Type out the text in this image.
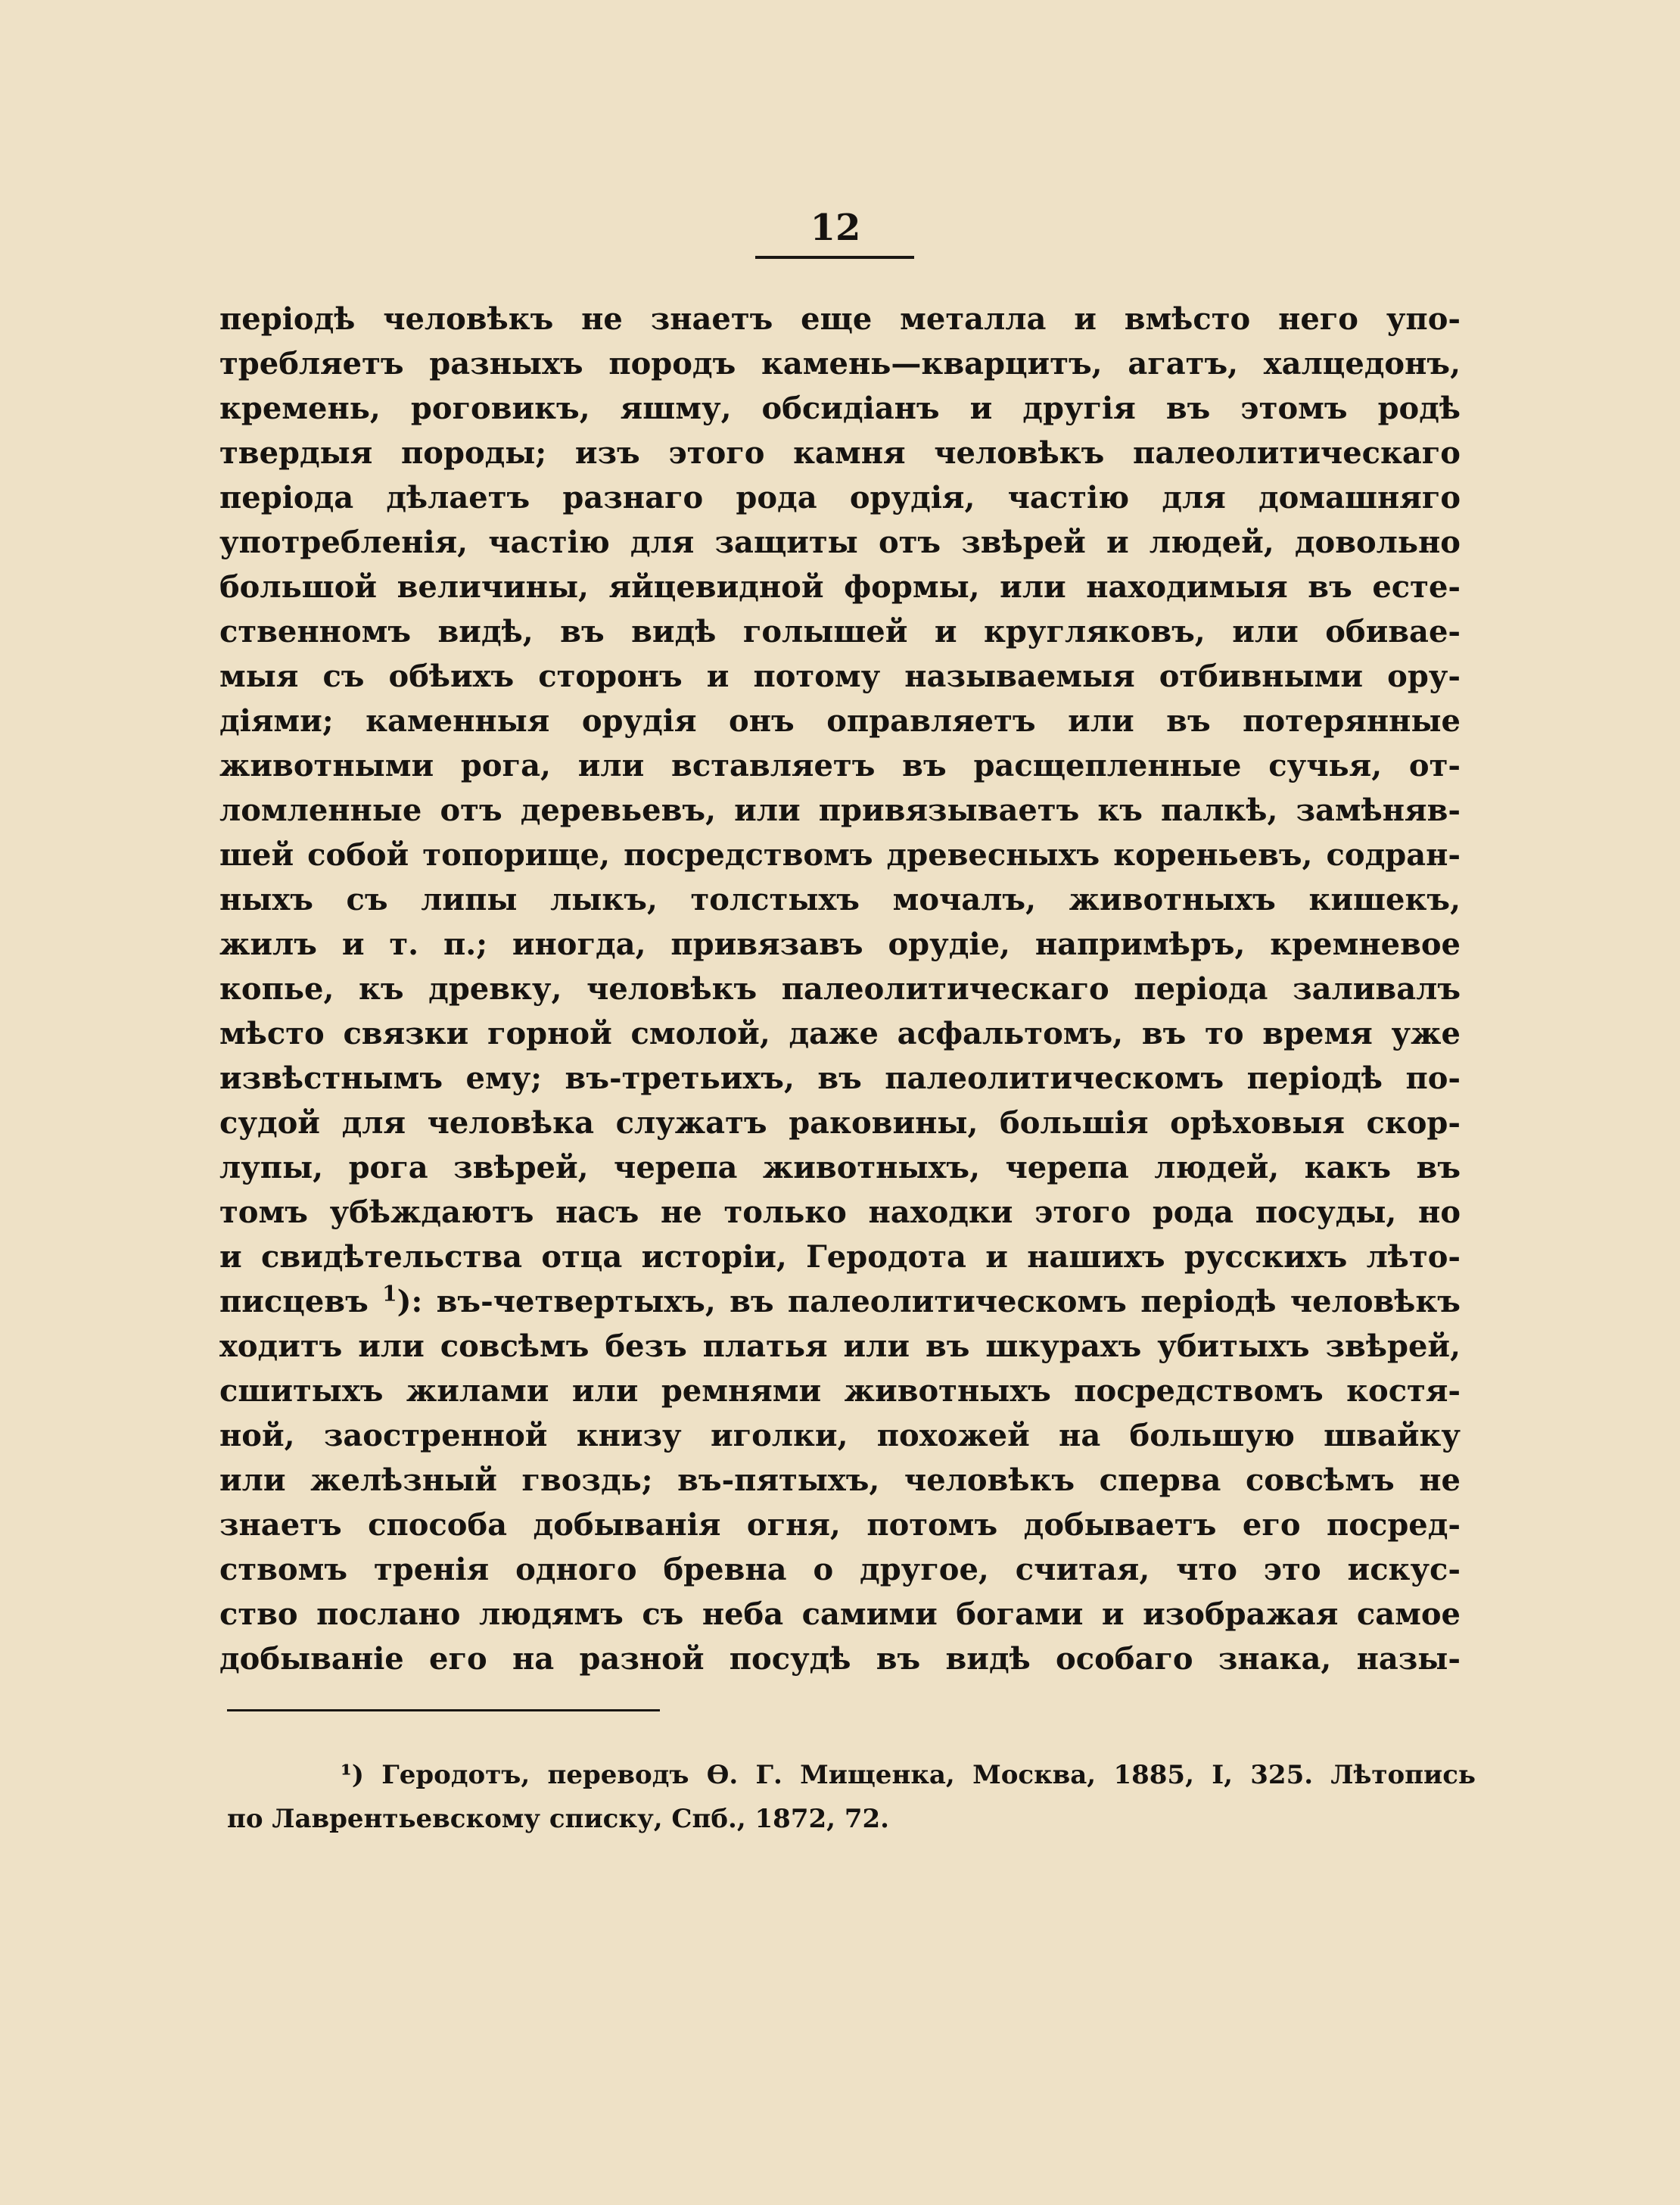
12
періодѣ человѣкъ не знаетъ еще металла и вмѣсто него упо-
требляетъ разныхъ породъ камень—кварцитъ, агатъ, халцедонъ,
кремень, роговикъ, яшму, обсидіанъ и другія въ этомъ родѣ
твердыя породы; изъ этого камня человѣкъ палеолитическаго
періода дѣлаетъ разнаго рода орудія, частію для домашняго
употребленія, частію для защиты отъ звѣрей и людей, довольно
большой величины, яйцевидной формы, или находимыя въ есте-
ственномъ видѣ, въ видѣ голышей и кругляковъ, или обивае-
мыя съ обѣихъ сторонъ и потому называемыя отбивными ору-
діями; каменныя орудія онъ оправляетъ или въ потерянные
животными рога, или вставляетъ въ расщепленные сучья, от-
ломленные отъ деревьевъ, или привязываетъ къ палкѣ, замѣняв-
шей собой топорище, посредствомъ древесныхъ кореньевъ, содран-
ныхъ съ липы лыкъ, толстыхъ мочалъ, животныхъ кишекъ,
жилъ и т. п.; иногда, привязавъ орудіе, напримѣръ, кремневое
копье, къ древку, человѣкъ палеолитическаго періода заливалъ
мѣсто связки горной смолой, даже асфальтомъ, въ то время уже
извѣстнымъ ему; въ-третьихъ, въ палеолитическомъ періодѣ по-
судой для человѣка служатъ раковины, большія орѣховыя скор-
лупы, рога звѣрей, черепа животныхъ, черепа людей, какъ въ
томъ убѣждаютъ насъ не только находки этого рода посуды, но
и свидѣтельства отца исторіи, Геродота и нашихъ русскихъ лѣто-
писцевъ $^1$): въ-четвертыхъ, въ палеолитическомъ періодѣ человѣкъ
ходитъ или совсѣмъ безъ платья или въ шкурахъ убитыхъ звѣрей,
сшитыхъ жилами или ремнями животныхъ посредствомъ костя-
ной, заостренной книзу иголки, похожей на большую швайку
или желѣзный гвоздь; въ-пятыхъ, человѣкъ сперва совсѣмъ не
знаетъ способа добыванія огня, потомъ добываетъ его посред-
ствомъ тренія одного бревна о другое, считая, что это искус-
ство послано людямъ съ неба самими богами и изображая самое
добываніе его на разной посудѣ въ видѣ особаго знака, назы-
¹) Геродотъ, переводъ Ѳ. Г. Мищенка, Москва, 1885, I, 325. Лѣтопись
по Лаврентьевскому списку, Спб., 1872, 72.
